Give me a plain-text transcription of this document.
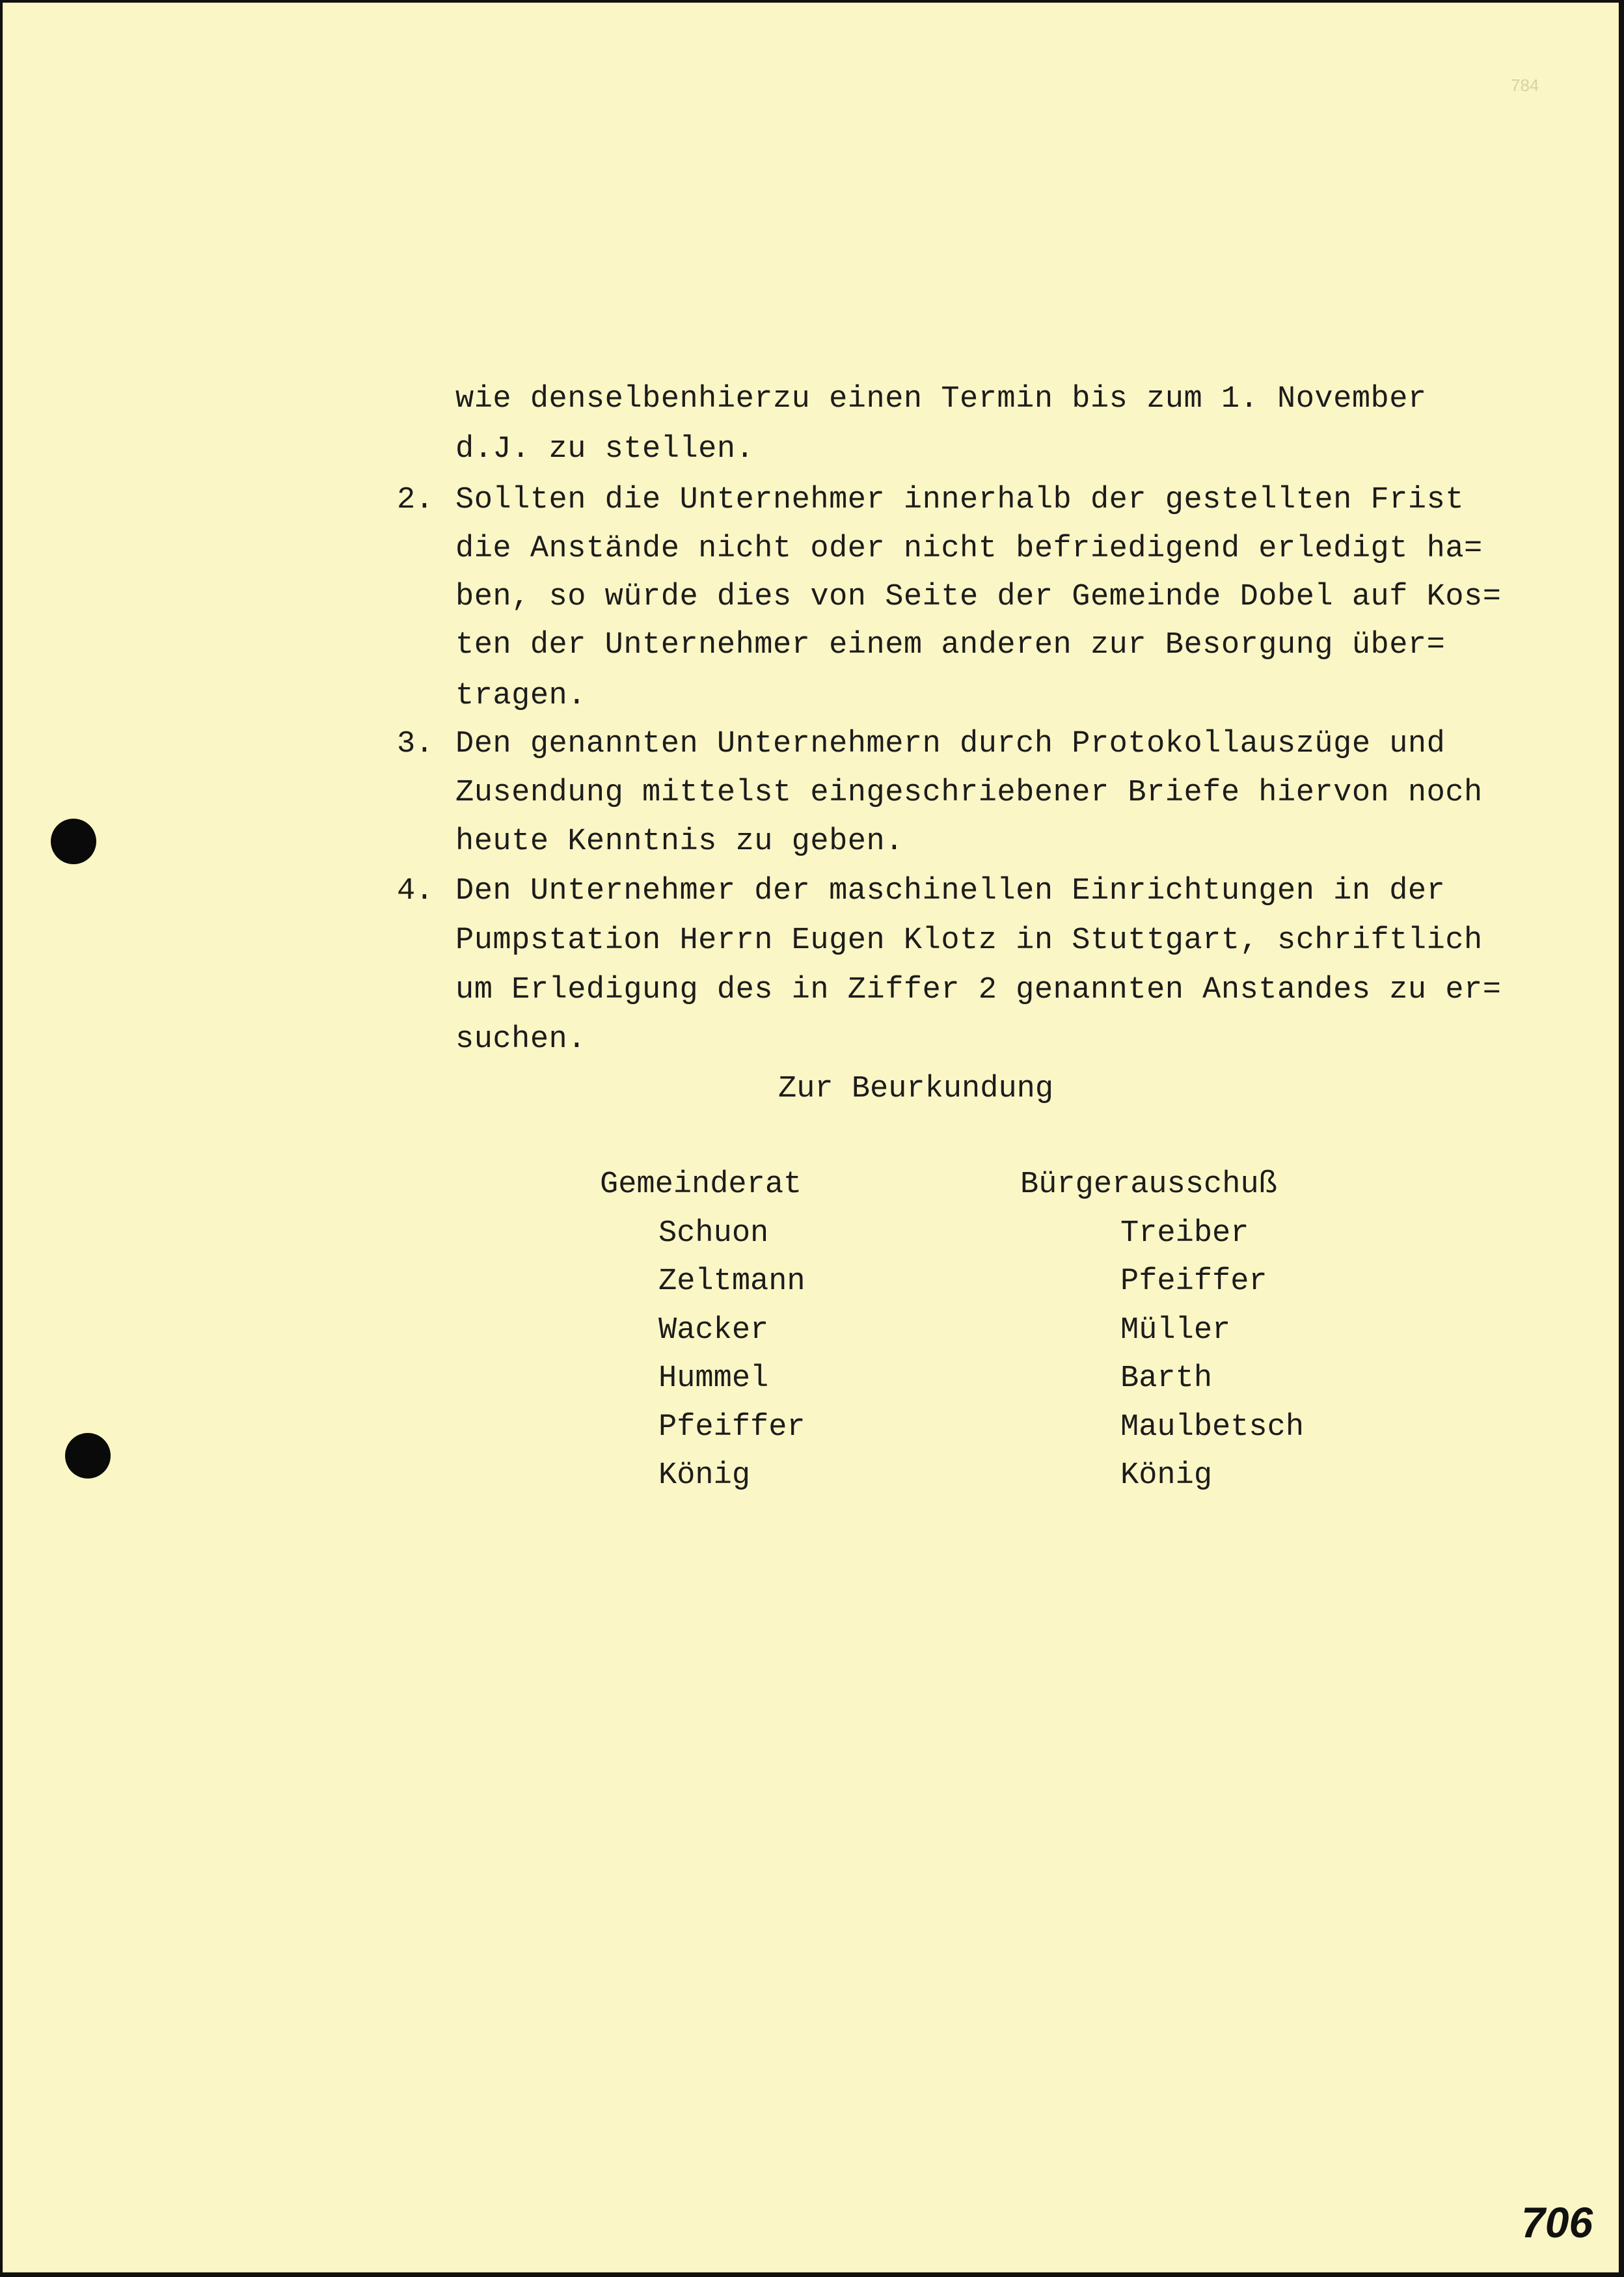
784
wie denselbenhierzu einen Termin bis zum 1. November
d.J. zu stellen.
2. Sollten die Unternehmer innerhalb der gestellten Frist
die Anstände nicht oder nicht befriedigend erledigt ha=
ben, so würde dies von Seite der Gemeinde Dobel auf Kos=
ten der Unternehmer einem anderen zur Besorgung über=
tragen.
3. Den genannten Unternehmern durch Protokollauszüge und
Zusendung mittelst eingeschriebener Briefe hiervon noch
heute Kenntnis zu geben.
4. Den Unternehmer der maschinellen Einrichtungen in der
Pumpstation Herrn Eugen Klotz in Stuttgart, schriftlich
um Erledigung des in Ziffer 2 genannten Anstandes zu er=
suchen.
Zur Beurkundung
Gemeinderat
Schuon
Zeltmann
Wacker
Hummel
Pfeiffer
König
Bürgerausschuß
Treiber
Pfeiffer
Müller
Barth
Maulbetsch
König
706
